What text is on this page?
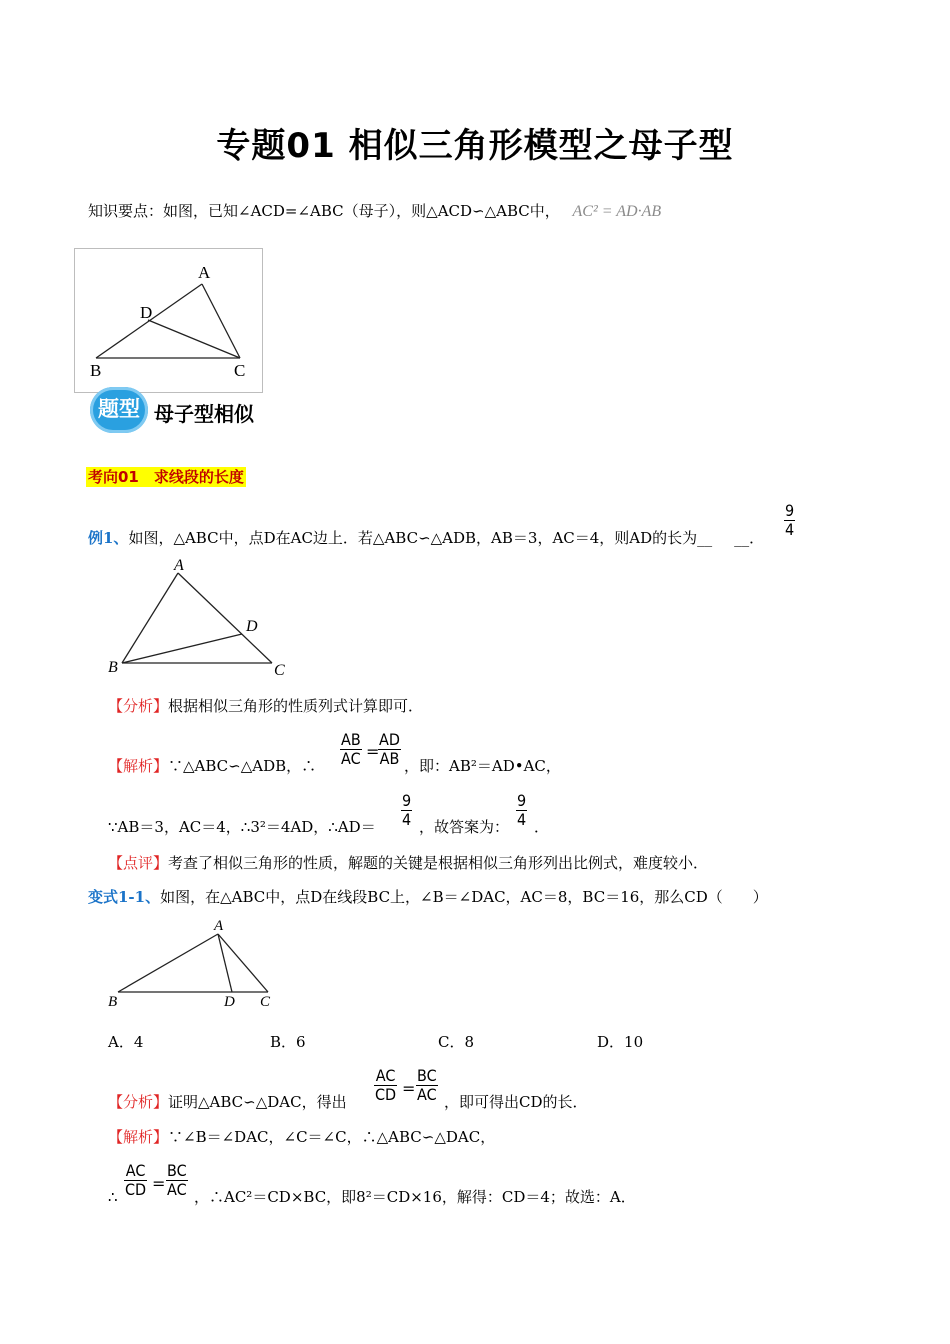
专题01 相似三角形模型之母子型
知识要点：如图，已知∠ACD=∠ABC（母子），则△ACD∽△ABC中， AC² = AD·AB
A
D
B	C
题型 母子型相似
考向01　求线段的长度
例1、如图，△ABC中，点D在AC边上．若△ABC∽△ADB，AB＝3，AC＝4，则AD的长为__ __． $\frac{9}{4}$
A
D
B	C
【分析】根据相似三角形的性质列式计算即可．
【解析】∵△ABC∽△ADB，∴ $\frac{AB}{AC}$ =
$\frac{AD}{AB}$ ，即：AB²＝AD•AC，
∵AB＝3，AC＝4，∴3²＝4AD，∴AD＝ $\frac{9}{4}$ ，故答案为： $\frac{9}{4}$ ．
【点评】考查了相似三角形的性质，解题的关键是根据相似三角形列出比例式，难度较小．
变式1-1、如图，在△ABC中，点D在线段BC上，∠B＝∠DAC，AC＝8，BC＝16，那么CD（　　）
A
B	D C
A．4	B．6	C．8	D．10
【分析】证明△ABC∽△DAC，得出 $\frac{AC}{CD} = \frac{BC}{AC}$ ，即可得出CD的长．
【解析】∵∠B＝∠DAC，∠C＝∠C，∴△ABC∽△DAC，
∴ $\frac{AC}{CD} = \frac{BC}{AC}$ ，∴AC²＝CD×BC，即8²＝CD×16，解得：CD＝4；故选：A．
